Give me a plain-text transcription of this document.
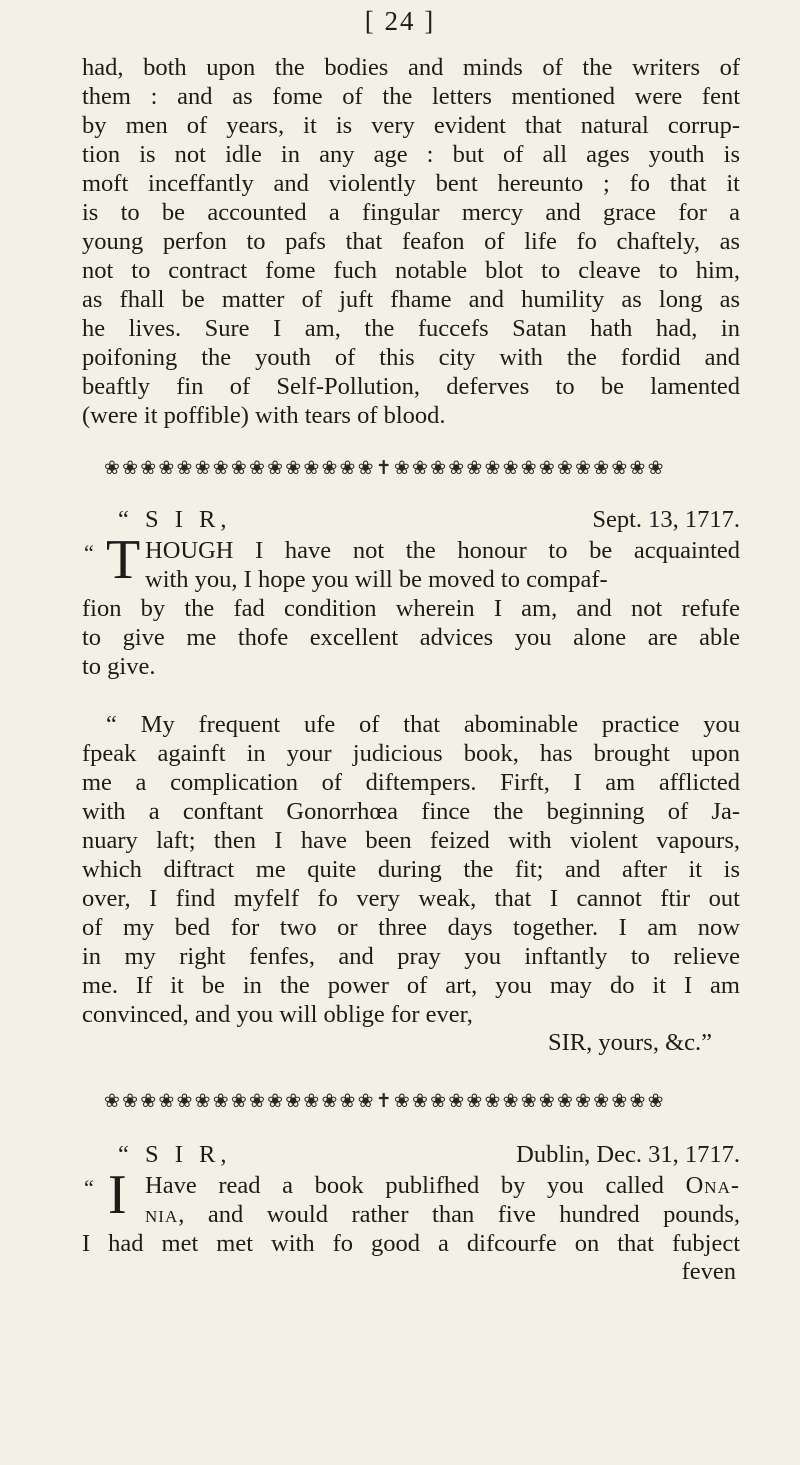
[ 24 ]
had, both upon the bodies and minds of the writers of
them : and as fome of the letters mentioned were fent
by men of years, it is very evident that natural corrup-
tion is not idle in any age : but of all ages youth is
moft inceffantly and violently bent hereunto ; fo that it
is to be accounted a fingular mercy and grace for a
young perfon to pafs that feafon of life fo chaftely, as
not to contract fome fuch notable blot to cleave to him,
as fhall be matter of juft fhame and humility as long as
he lives. Sure I am, the fuccefs Satan hath had, in
poifoning the youth of this city with the fordid and
beaftly fin of Self-Pollution, deferves to be lamented
(were it poffible) with tears of blood.
❀❀❀❀❀❀❀❀❀❀❀❀❀❀❀✝❀❀❀❀❀❀❀❀❀❀❀❀❀❀❀
“ S I R,	Sept. 13, 1717.
“ T HOUGH I have not the honour to be acquainted
with you, I hope you will be moved to compaf-
fion by the fad condition wherein I am, and not refufe
to give me thofe excellent advices you alone are able
to give.
“ My frequent ufe of that abominable practice you
fpeak againft in your judicious book, has brought upon
me a complication of diftempers. Firft, I am afflicted
with a conftant Gonorrhœa fince the beginning of Ja-
nuary laft; then I have been feized with violent vapours,
which diftract me quite during the fit; and after it is
over, I find myfelf fo very weak, that I cannot ftir out
of my bed for two or three days together. I am now
in my right fenfes, and pray you inftantly to relieve
me. If it be in the power of art, you may do it I am
convinced, and you will oblige for ever,
SIR, yours, &c.”
❀❀❀❀❀❀❀❀❀❀❀❀❀❀❀✝❀❀❀❀❀❀❀❀❀❀❀❀❀❀❀
“ S I R,	Dublin, Dec. 31, 1717.
“ I Have read a book publifhed by you called Ona-
nia, and would rather than five hundred pounds,
I had met met with fo good a difcourfe on that fubject
feven
